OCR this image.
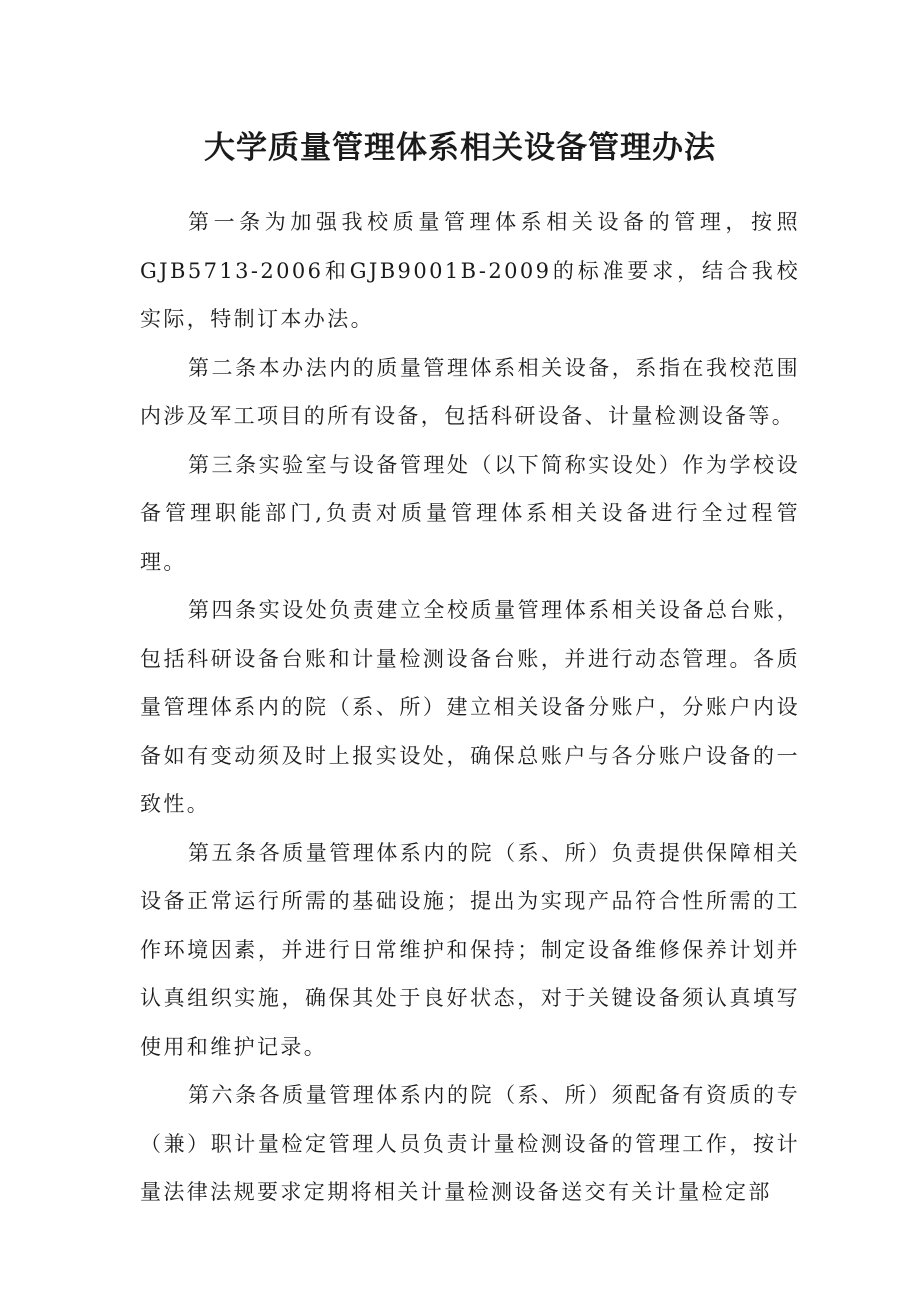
大学质量管理体系相关设备管理办法

第一条为加强我校质量管理体系相关设备的管理，按照GJB5713-2006和GJB9001B-2009的标准要求，结合我校实际，特制订本办法。

第二条本办法内的质量管理体系相关设备，系指在我校范围内涉及军工项目的所有设备，包括科研设备、计量检测设备等。

第三条实验室与设备管理处（以下简称实设处）作为学校设备管理职能部门,负责对质量管理体系相关设备进行全过程管理。

第四条实设处负责建立全校质量管理体系相关设备总台账，包括科研设备台账和计量检测设备台账，并进行动态管理。各质量管理体系内的院（系、所）建立相关设备分账户，分账户内设备如有变动须及时上报实设处，确保总账户与各分账户设备的一致性。

第五条各质量管理体系内的院（系、所）负责提供保障相关设备正常运行所需的基础设施；提出为实现产品符合性所需的工作环境因素，并进行日常维护和保持；制定设备维修保养计划并认真组织实施，确保其处于良好状态，对于关键设备须认真填写使用和维护记录。

第六条各质量管理体系内的院（系、所）须配备有资质的专（兼）职计量检定管理人员负责计量检测设备的管理工作，按计量法律法规要求定期将相关计量检测设备送交有关计量检定部
